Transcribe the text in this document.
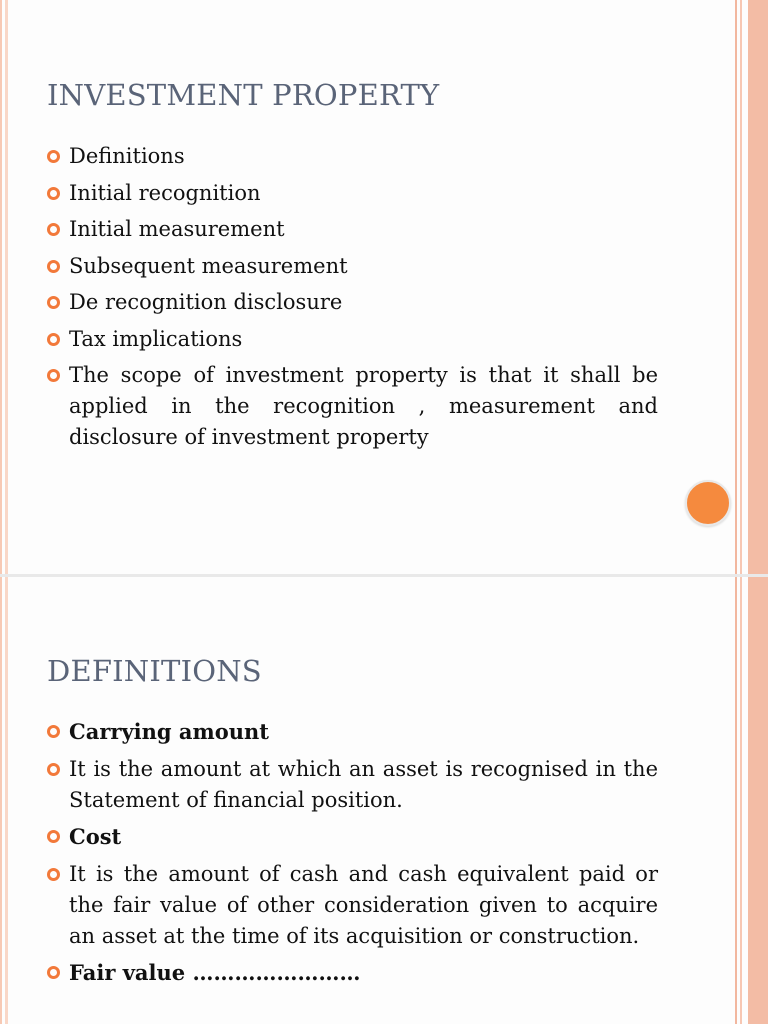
INVESTMENT PROPERTY
Definitions
Initial recognition
Initial measurement
Subsequent measurement
De recognition disclosure
Tax implications
The scope of investment property is that it shall be applied in the recognition , measurement and disclosure of investment property
DEFINITIONS
Carrying amount
It is the amount at which an asset is recognised in the Statement of financial position.
Cost
It is the amount of cash and cash equivalent paid or the fair value of other consideration given to acquire an asset at the time of its acquisition or construction.
Fair value ……………………
